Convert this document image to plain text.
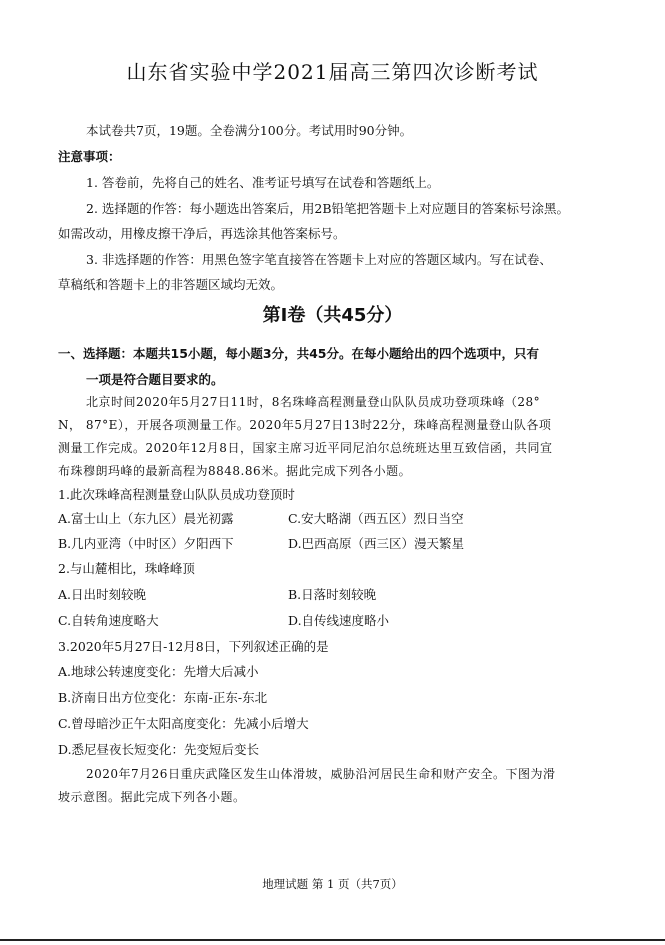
山东省实验中学2021届高三第四次诊断考试
本试卷共7页，19题。全卷满分100分。考试用时90分钟。
注意事项：
1. 答卷前，先将自己的姓名、准考证号填写在试卷和答题纸上。
2. 选择题的作答：每小题选出答案后，用2B铅笔把答题卡上对应题目的答案标号涂黑。
如需改动，用橡皮擦干净后，再选涂其他答案标号。
3. 非选择题的作答：用黑色签字笔直接答在答题卡上对应的答题区域内。写在试卷、
草稿纸和答题卡上的非答题区域均无效。
第Ⅰ卷（共45分）
一、选择题：本题共15小题，每小题3分，共45分。在每小题给出的四个选项中，只有
一项是符合题目要求的。
北京时间2020年5月27日11时，8名珠峰高程测量登山队队员成功登项珠峰（28°
N， 87°E），开展各项测量工作。2020年5月27日13时22分，珠峰高程测量登山队各项
测量工作完成。2020年12月8日，国家主席习近平同尼泊尔总统班达里互致信函，共同宣
布珠穆朗玛峰的最新高程为8848.86米。据此完成下列各小题。
1.此次珠峰高程测量登山队队员成功登顶时
A.富士山上（东九区）晨光初露	C.安大略湖（西五区）烈日当空
B.几内亚湾（中时区）夕阳西下	D.巴西高原（西三区）漫天繁星
2.与山麓相比，珠峰峰顶
A.日出时刻较晚	B.日落时刻较晚
C.自转角速度略大	D.自传线速度略小
3.2020年5月27日-12月8日，下列叙述正确的是
A.地球公转速度变化：先增大后减小
B.济南日出方位变化：东南-正东-东北
C.曾母暗沙正午太阳高度变化：先减小后增大
D.悉尼昼夜长短变化：先变短后变长
2020年7月26日重庆武隆区发生山体滑坡，威胁沿河居民生命和财产安全。下图为滑
坡示意图。据此完成下列各小题。
地理试题 第 1 页（共7页）
